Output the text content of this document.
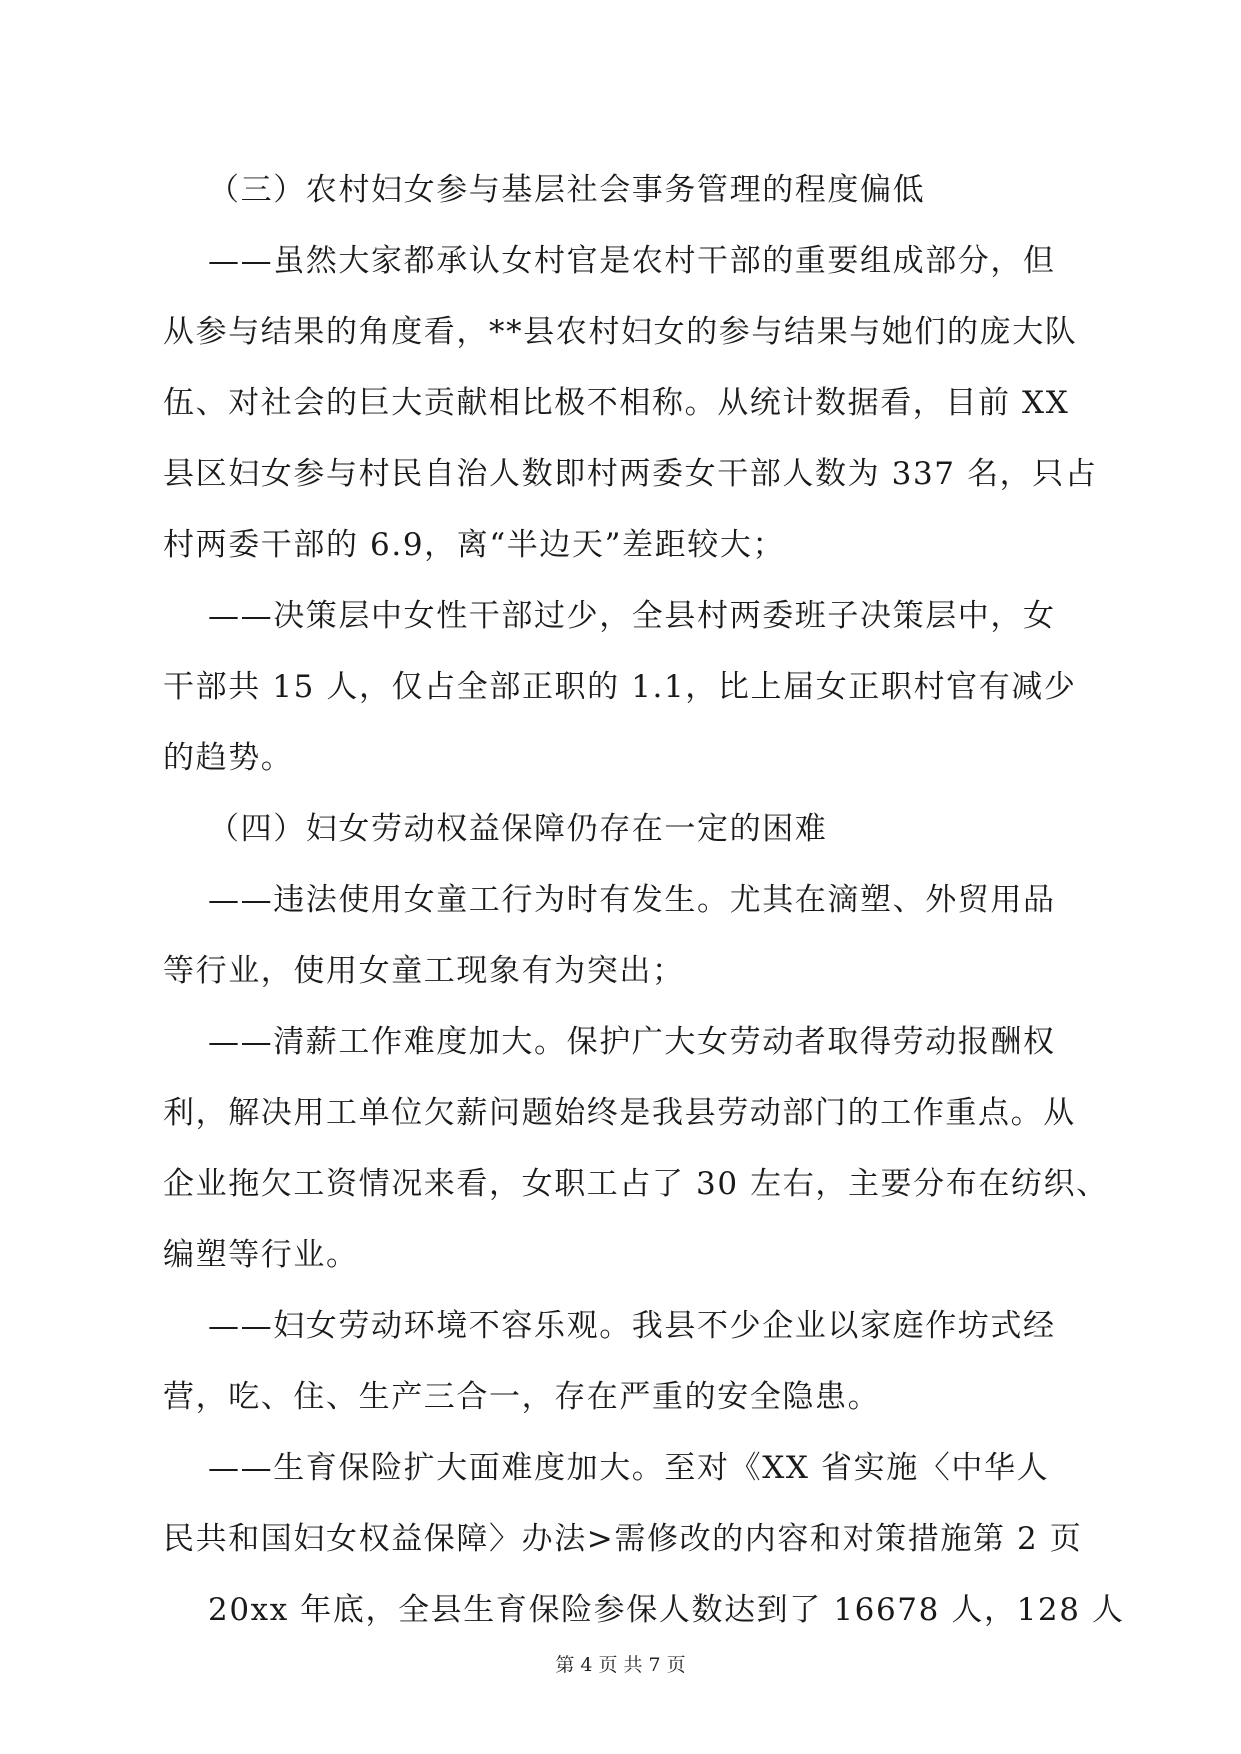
（三）农村妇女参与基层社会事务管理的程度偏低
——虽然大家都承认女村官是农村干部的重要组成部分，但
从参与结果的角度看，**县农村妇女的参与结果与她们的庞大队
伍、对社会的巨大贡献相比极不相称。从统计数据看，目前 XX
县区妇女参与村民自治人数即村两委女干部人数为 337 名，只占
村两委干部的 6.9，离“半边天”差距较大；
——决策层中女性干部过少，全县村两委班子决策层中，女
干部共 15 人，仅占全部正职的 1.1，比上届女正职村官有减少
的趋势。
（四）妇女劳动权益保障仍存在一定的困难
——违法使用女童工行为时有发生。尤其在滴塑、外贸用品
等行业，使用女童工现象有为突出；
——清薪工作难度加大。保护广大女劳动者取得劳动报酬权
利，解决用工单位欠薪问题始终是我县劳动部门的工作重点。从
企业拖欠工资情况来看，女职工占了 30 左右，主要分布在纺织、
编塑等行业。
——妇女劳动环境不容乐观。我县不少企业以家庭作坊式经
营，吃、住、生产三合一，存在严重的安全隐患。
——生育保险扩大面难度加大。至对《XX 省实施〈中华人
民共和国妇女权益保障〉办法>需修改的内容和对策措施第 2 页
20xx 年底，全县生育保险参保人数达到了 16678 人，128 人
第 4 页 共 7 页
